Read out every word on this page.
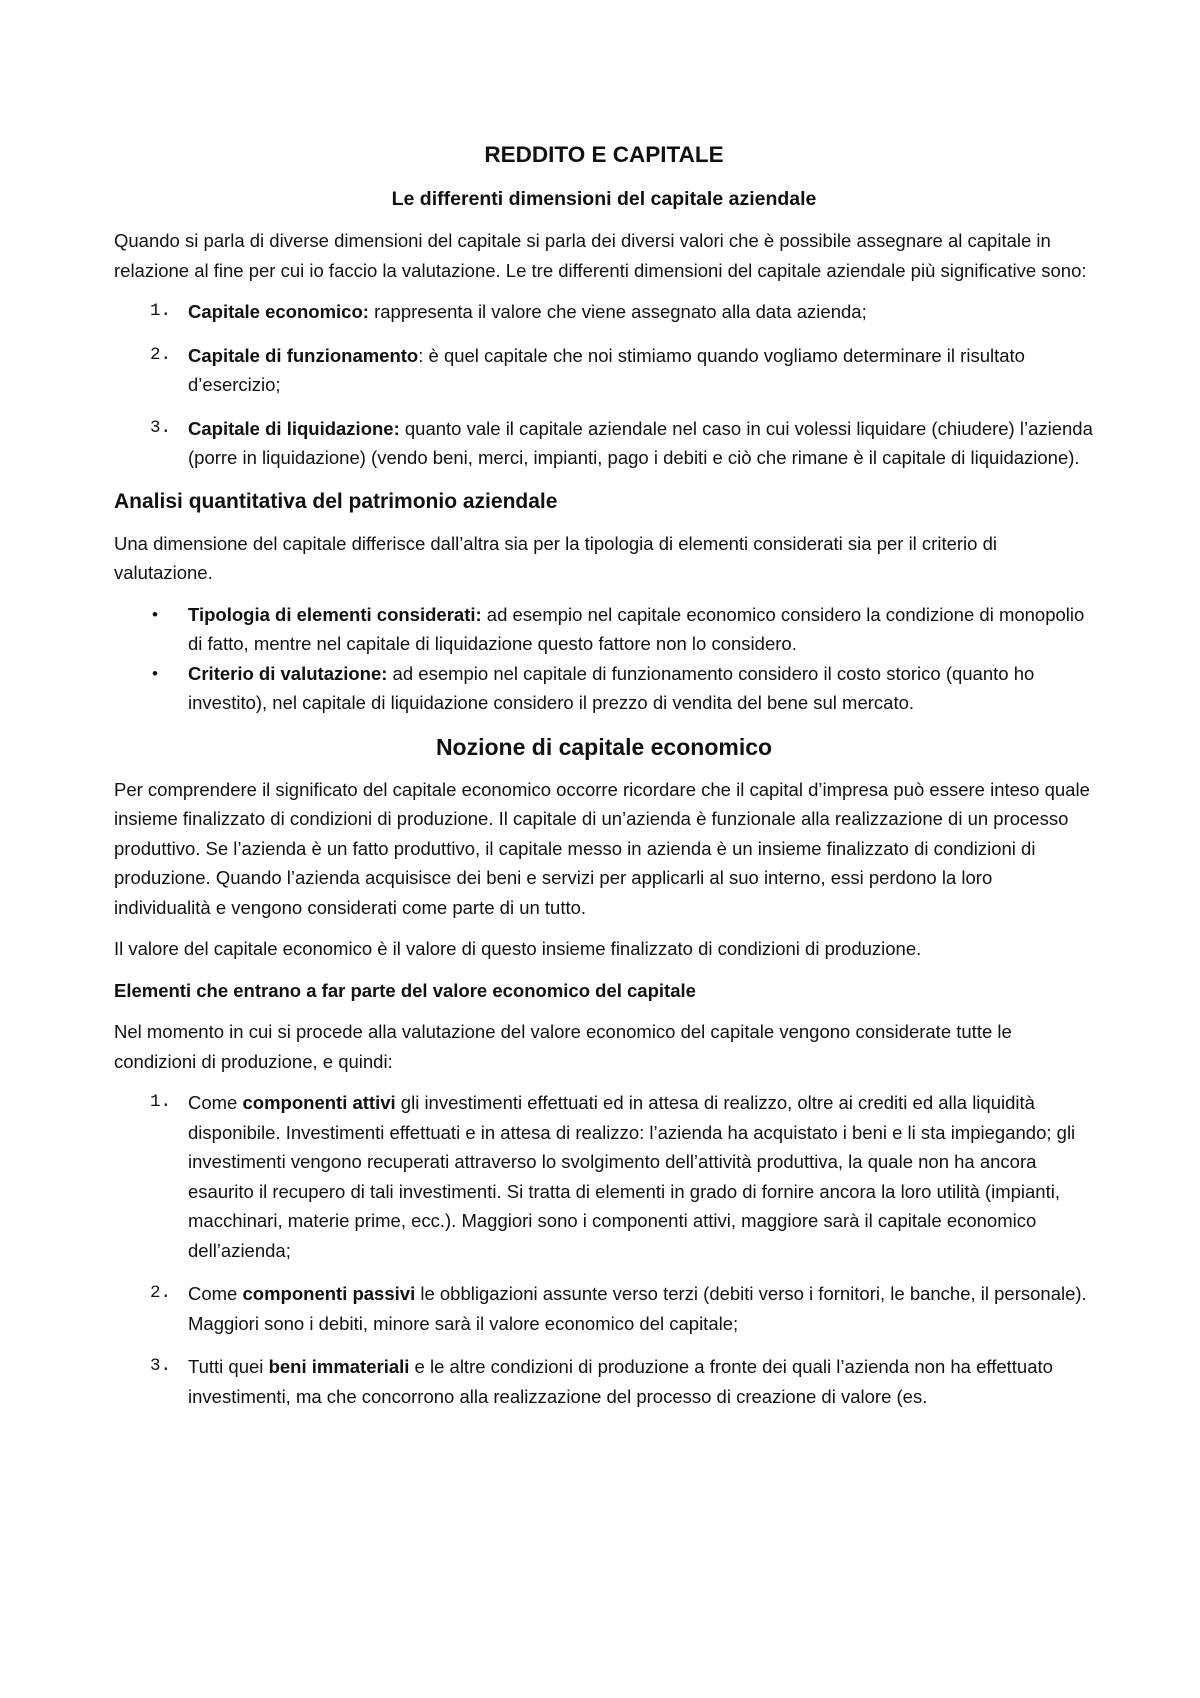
REDDITO E CAPITALE

Le differenti dimensioni del capitale aziendale

Quando si parla di diverse dimensioni del capitale si parla dei diversi valori che è possibile assegnare al capitale in relazione al fine per cui io faccio la valutazione. Le tre differenti dimensioni del capitale aziendale più significative sono:

1. Capitale economico: rappresenta il valore che viene assegnato alla data azienda;
2. Capitale di funzionamento: è quel capitale che noi stimiamo quando vogliamo determinare il risultato d’esercizio;
3. Capitale di liquidazione: quanto vale il capitale aziendale nel caso in cui volessi liquidare (chiudere) l’azienda (porre in liquidazione) (vendo beni, merci, impianti, pago i debiti e ciò che rimane è il capitale di liquidazione).

Analisi quantitativa del patrimonio aziendale

Una dimensione del capitale differisce dall’altra sia per la tipologia di elementi considerati sia per il criterio di valutazione.

• Tipologia di elementi considerati: ad esempio nel capitale economico considero la condizione di monopolio di fatto, mentre nel capitale di liquidazione questo fattore non lo considero.
• Criterio di valutazione: ad esempio nel capitale di funzionamento considero il costo storico (quanto ho investito), nel capitale di liquidazione considero il prezzo di vendita del bene sul mercato.

Nozione di capitale economico

Per comprendere il significato del capitale economico occorre ricordare che il capital d’impresa può essere inteso quale insieme finalizzato di condizioni di produzione. Il capitale di un’azienda è funzionale alla realizzazione di un processo produttivo. Se l’azienda è un fatto produttivo, il capitale messo in azienda è un insieme finalizzato di condizioni di produzione. Quando l’azienda acquisisce dei beni e servizi per applicarli al suo interno, essi perdono la loro individualità e vengono considerati come parte di un tutto.

Il valore del capitale economico è il valore di questo insieme finalizzato di condizioni di produzione.

Elementi che entrano a far parte del valore economico del capitale

Nel momento in cui si procede alla valutazione del valore economico del capitale vengono considerate tutte le condizioni di produzione, e quindi:

1. Come componenti attivi gli investimenti effettuati ed in attesa di realizzo, oltre ai crediti ed alla liquidità disponibile. Investimenti effettuati e in attesa di realizzo: l’azienda ha acquistato i beni e li sta impiegando; gli investimenti vengono recuperati attraverso lo svolgimento dell’attività produttiva, la quale non ha ancora esaurito il recupero di tali investimenti. Si tratta di elementi in grado di fornire ancora la loro utilità (impianti, macchinari, materie prime, ecc.). Maggiori sono i componenti attivi, maggiore sarà il capitale economico dell’azienda;
2. Come componenti passivi le obbligazioni assunte verso terzi (debiti verso i fornitori, le banche, il personale). Maggiori sono i debiti, minore sarà il valore economico del capitale;
3. Tutti quei beni immateriali e le altre condizioni di produzione a fronte dei quali l’azienda non ha effettuato investimenti, ma che concorrono alla realizzazione del processo di creazione di valore (es.
